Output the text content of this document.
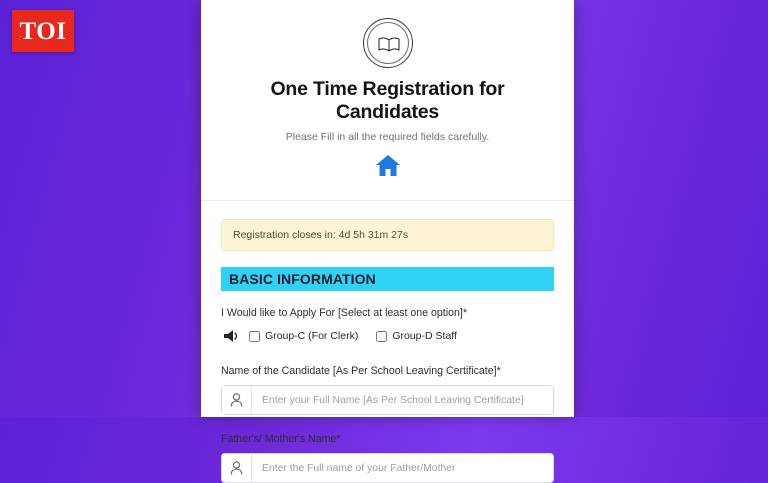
TOI
One Time Registration for Candidates

Please Fill in all the required fields carefully.

Registration closes in: 4d 5h 31m 27s
BASIC INFORMATION
I Would like to Apply For [Select at least one option]*
Group-C (For Clerk)	Group-D Staff
Name of the Candidate [As Per School Leaving Certificate]*
Enter your Full Name [As Per School Leaving Certificate]
Father's/ Mother's Name*
Enter the Full name of your Father/Mother
